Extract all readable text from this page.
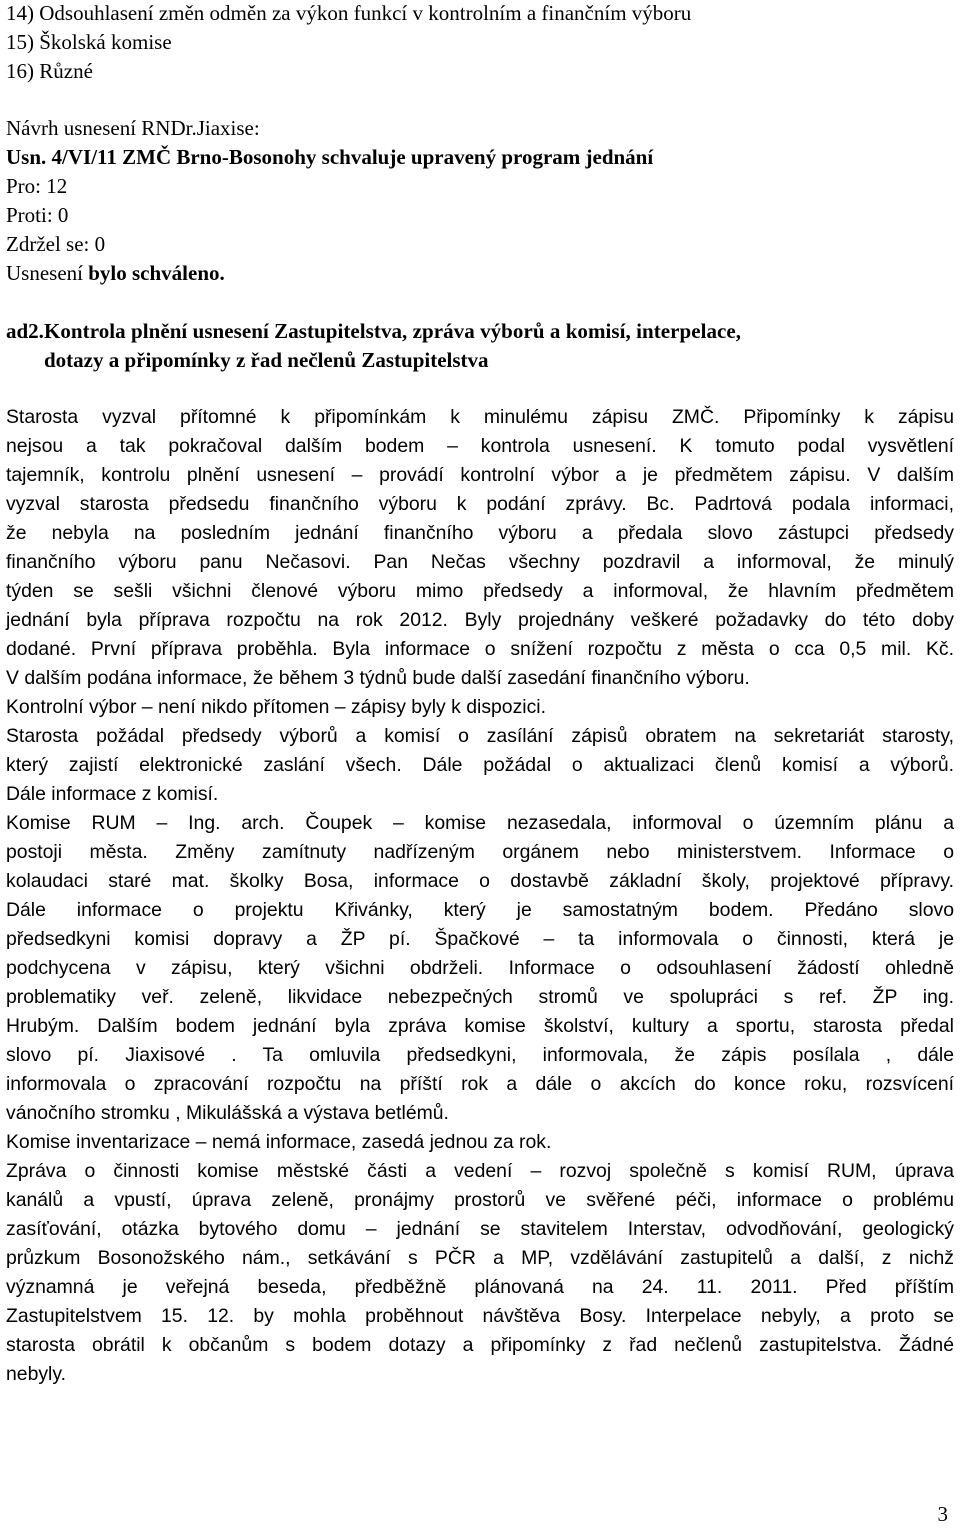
14) Odsouhlasení změn odměn za výkon funkcí v kontrolním a finančním výboru
15) Školská komise
16) Různé
Návrh usnesení RNDr.Jiaxise:
Usn. 4/VI/11 ZMČ Brno-Bosonohy schvaluje upravený program jednání
Pro: 12
Proti: 0
Zdržel se: 0
Usnesení bylo schváleno.
ad2.Kontrola plnění usnesení Zastupitelstva, zpráva výborů a komisí, interpelace,
dotazy a připomínky z řad nečlenů Zastupitelstva
Starosta vyzval přítomné k připomínkám k minulému zápisu ZMČ. Připomínky k zápisu
nejsou a tak pokračoval dalším bodem – kontrola usnesení. K tomuto podal vysvětlení
tajemník, kontrolu plnění usnesení – provádí kontrolní výbor a je předmětem zápisu. V dalším
vyzval starosta předsedu finančního výboru k podání zprávy. Bc. Padrtová podala informaci,
že nebyla na posledním jednání finančního výboru a předala slovo zástupci předsedy
finančního výboru panu Nečasovi. Pan Nečas všechny pozdravil a informoval, že minulý
týden se sešli všichni členové výboru mimo předsedy a informoval, že hlavním předmětem
jednání byla příprava rozpočtu na rok 2012. Byly projednány veškeré požadavky do této doby
dodané. První příprava proběhla. Byla informace o snížení rozpočtu z města o cca 0,5 mil. Kč.
V dalším podána informace, že během 3 týdnů bude další zasedání finančního výboru.
Kontrolní výbor – není nikdo přítomen – zápisy byly k dispozici.
Starosta požádal předsedy výborů a komisí o zasílání zápisů obratem na sekretariát starosty,
který zajistí elektronické zaslání všech. Dále požádal o aktualizaci členů komisí a výborů.
Dále informace z komisí.
Komise RUM – Ing. arch. Čoupek – komise nezasedala, informoval o územním plánu a
postoji města. Změny zamítnuty nadřízeným orgánem nebo ministerstvem. Informace o
kolaudaci staré mat. školky Bosa, informace o dostavbě základní školy, projektové přípravy.
Dále informace o projektu Křivánky, který je samostatným bodem. Předáno slovo
předsedkyni komisi dopravy a ŽP pí. Špačkové – ta informovala o činnosti, která je
podchycena v zápisu, který všichni obdrželi. Informace o odsouhlasení žádostí ohledně
problematiky veř. zeleně, likvidace nebezpečných stromů ve spolupráci s ref. ŽP ing.
Hrubým. Dalším bodem jednání byla zpráva komise školství, kultury a sportu, starosta předal
slovo pí. Jiaxisové . Ta omluvila předsedkyni, informovala, že zápis posílala , dále
informovala o zpracování rozpočtu na příští rok a dále o akcích do konce roku, rozsvícení
vánočního stromku , Mikulášská a výstava betlémů.
Komise inventarizace – nemá informace, zasedá jednou za rok.
Zpráva o činnosti komise městské části a vedení – rozvoj společně s komisí RUM, úprava
kanálů a vpustí, úprava zeleně, pronájmy prostorů ve svěřené péči, informace o problému
zasíťování, otázka bytového domu – jednání se stavitelem Interstav, odvodňování, geologický
průzkum Bosonožského nám., setkávání s PČR a MP, vzdělávání zastupitelů a další, z nichž
významná je veřejná beseda, předběžně plánovaná na 24. 11. 2011. Před příštím
Zastupitelstvem 15. 12. by mohla proběhnout návštěva Bosy. Interpelace nebyly, a proto se
starosta obrátil k občanům s bodem dotazy a připomínky z řad nečlenů zastupitelstva. Žádné
nebyly.
3
